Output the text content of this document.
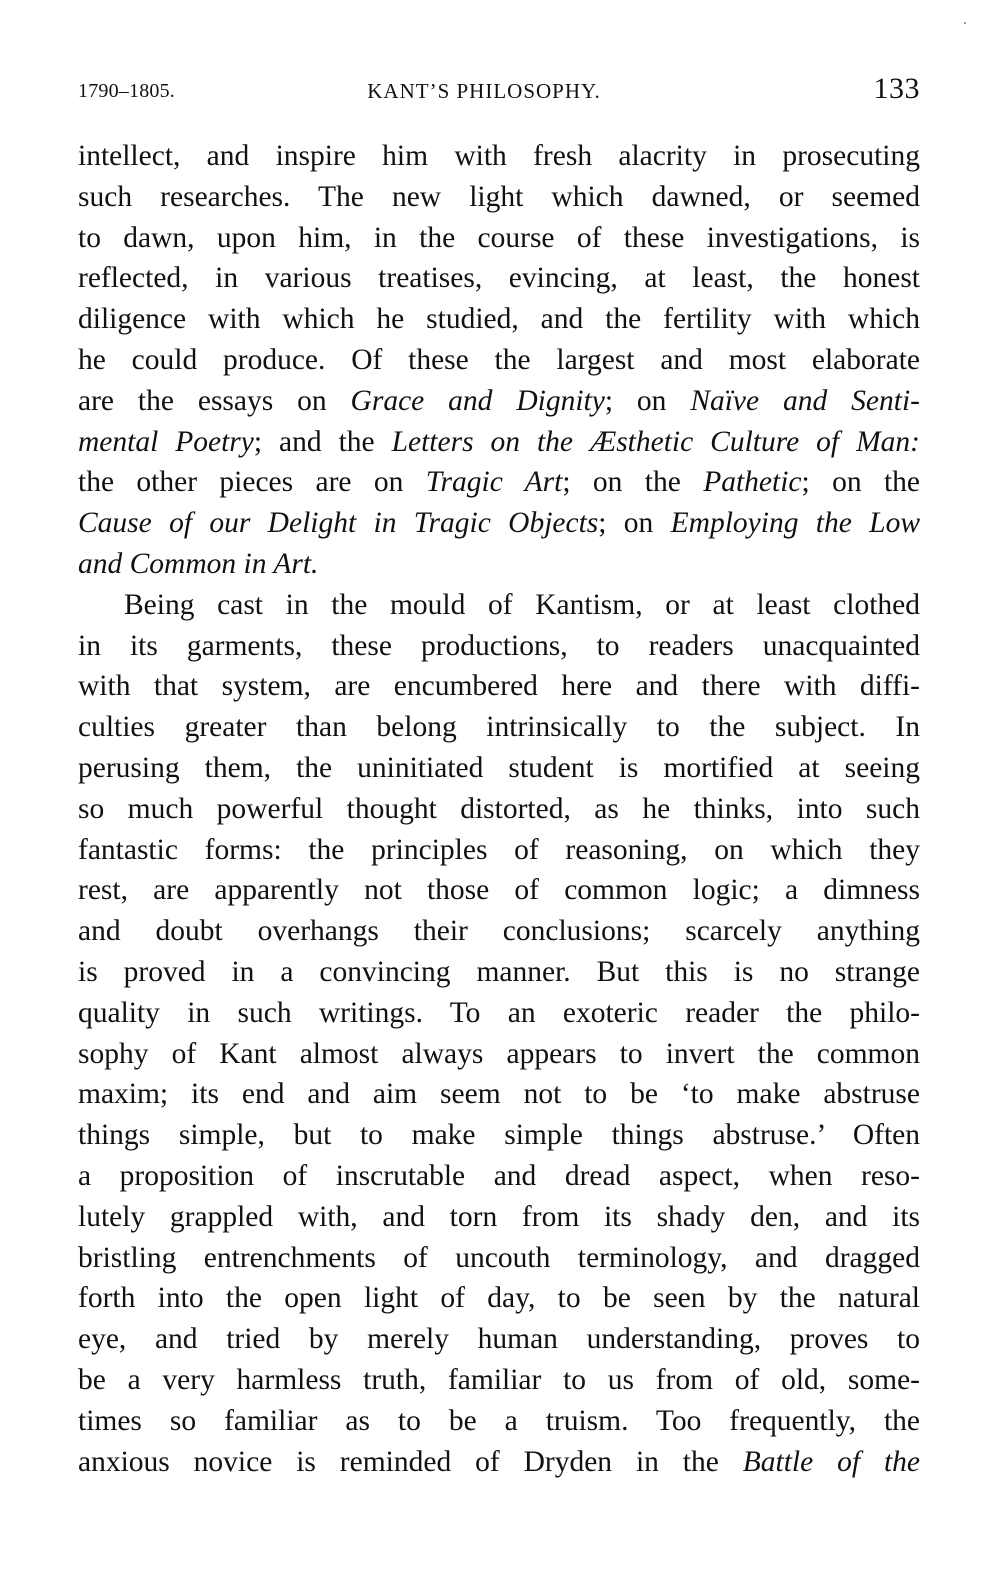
1790–1805.	KANT’S PHILOSOPHY.	133
intellect, and inspire him with fresh alacrity in prosecuting
such researches. The new light which dawned, or seemed
to dawn, upon him, in the course of these investigations, is
reflected, in various treatises, evincing, at least, the honest
diligence with which he studied, and the fertility with which
he could produce. Of these the largest and most elaborate
are the essays on Grace and Dignity; on Naïve and Senti-
mental Poetry; and the Letters on the Æsthetic Culture of Man:
the other pieces are on Tragic Art; on the Pathetic; on the
Cause of our Delight in Tragic Objects; on Employing the Low
and Common in Art.
Being cast in the mould of Kantism, or at least clothed
in its garments, these productions, to readers unacquainted
with that system, are encumbered here and there with diffi-
culties greater than belong intrinsically to the subject. In
perusing them, the uninitiated student is mortified at seeing
so much powerful thought distorted, as he thinks, into such
fantastic forms: the principles of reasoning, on which they
rest, are apparently not those of common logic; a dimness
and doubt overhangs their conclusions; scarcely anything
is proved in a convincing manner. But this is no strange
quality in such writings. To an exoteric reader the philo-
sophy of Kant almost always appears to invert the common
maxim; its end and aim seem not to be ‘to make abstruse
things simple, but to make simple things abstruse.’ Often
a proposition of inscrutable and dread aspect, when reso-
lutely grappled with, and torn from its shady den, and its
bristling entrenchments of uncouth terminology, and dragged
forth into the open light of day, to be seen by the natural
eye, and tried by merely human understanding, proves to
be a very harmless truth, familiar to us from of old, some-
times so familiar as to be a truism. Too frequently, the
anxious novice is reminded of Dryden in the Battle of the
